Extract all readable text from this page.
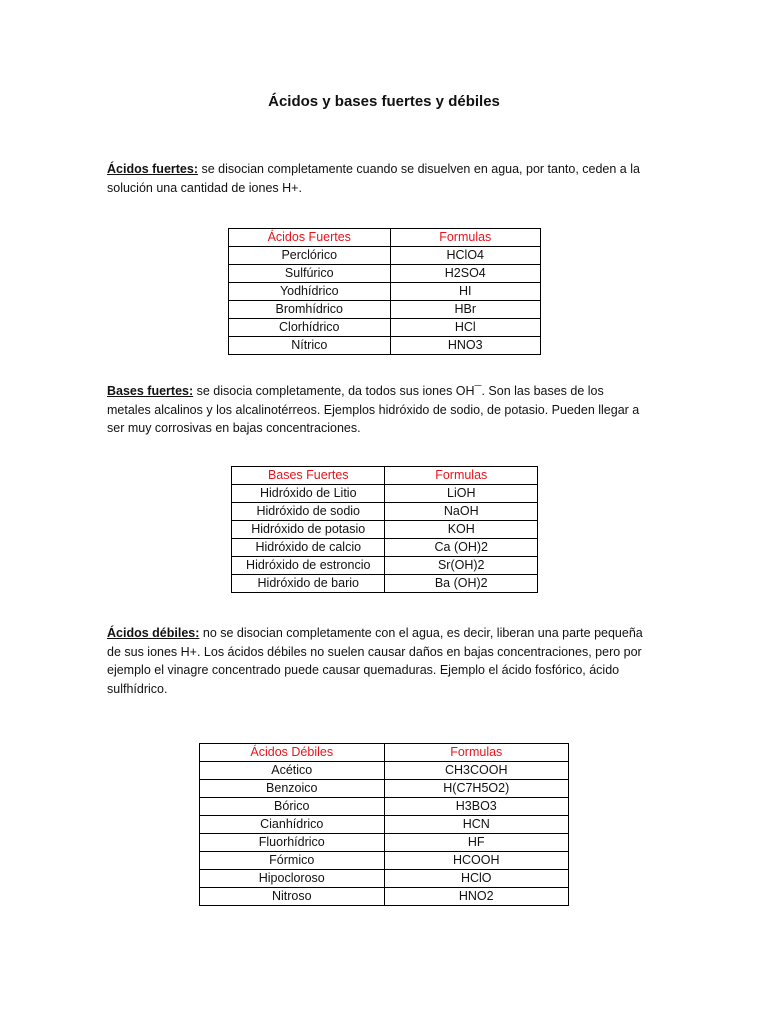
Ácidos y bases fuertes y débiles

Ácidos fuertes: se disocian completamente cuando se disuelven en agua, por tanto, ceden a la solución una cantidad de iones H+.

Ácidos Fuertes	Formulas
Perclórico	HClO4
Sulfúrico	H2SO4
Yodhídrico	HI
Bromhídrico	HBr
Clorhídrico	HCl
Nítrico	HNO3

Bases fuertes: se disocia completamente, da todos sus iones OH¯. Son las bases de los metales alcalinos y los alcalinotérreos. Ejemplos hidróxido de sodio, de potasio. Pueden llegar a ser muy corrosivas en bajas concentraciones.

Bases Fuertes	Formulas
Hidróxido de Litio	LiOH
Hidróxido de sodio	NaOH
Hidróxido de potasio	KOH
Hidróxido de calcio	Ca (OH)2
Hidróxido de estroncio	Sr(OH)2
Hidróxido de bario	Ba (OH)2

Ácidos débiles: no se disocian completamente con el agua, es decir, liberan una parte pequeña de sus iones H+. Los ácidos débiles no suelen causar daños en bajas concentraciones, pero por ejemplo el vinagre concentrado puede causar quemaduras. Ejemplo el ácido fosfórico, ácido sulfhídrico.

Ácidos Débiles	Formulas
Acético	CH3COOH
Benzoico	H(C7H5O2)
Bórico	H3BO3
Cianhídrico	HCN
Fluorhídrico	HF
Fórmico	HCOOH
Hipocloroso	HClO
Nitroso	HNO2
